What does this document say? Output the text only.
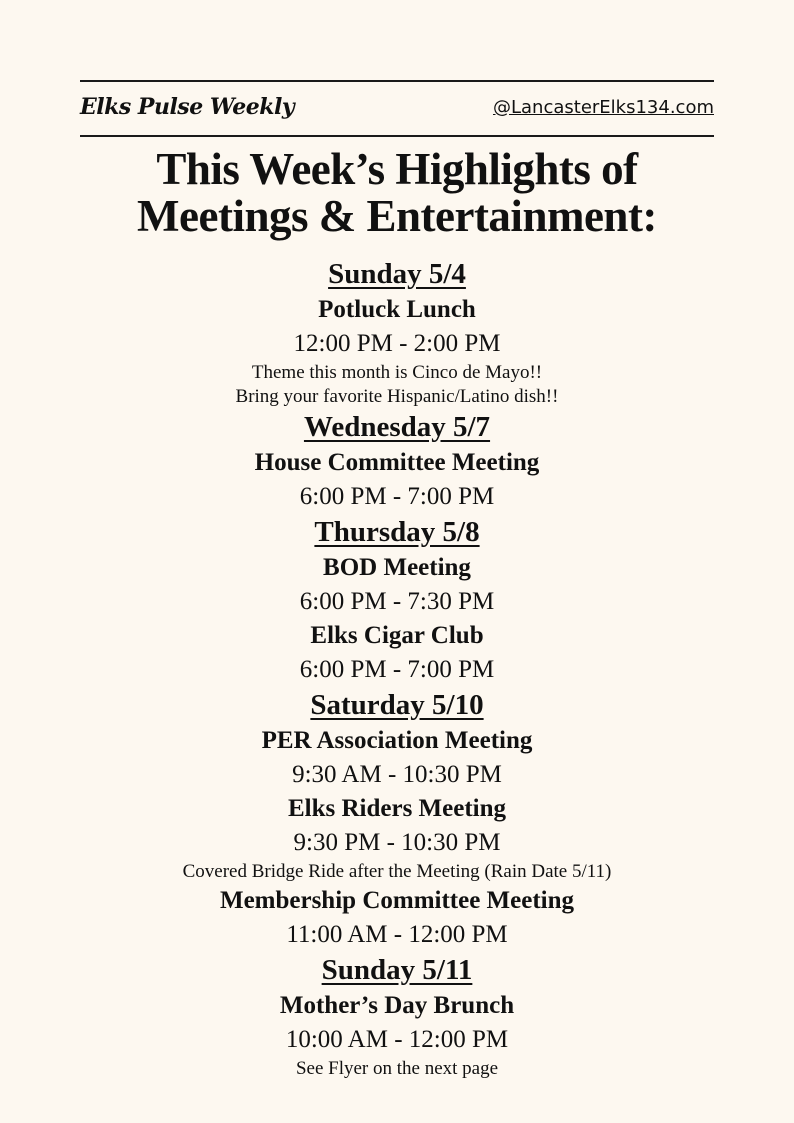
Elks Pulse Weekly	@LancasterElks134.com
This Week’s Highlights of
Meetings & Entertainment:
Sunday 5/4
Potluck Lunch
12:00 PM - 2:00 PM
Theme this month is Cinco de Mayo!!
Bring your favorite Hispanic/Latino dish!!
Wednesday 5/7
House Committee Meeting
6:00 PM - 7:00 PM
Thursday 5/8
BOD Meeting
6:00 PM - 7:30 PM
Elks Cigar Club
6:00 PM - 7:00 PM
Saturday 5/10
PER Association Meeting
9:30 AM - 10:30 PM
Elks Riders Meeting
9:30 PM - 10:30 PM
Covered Bridge Ride after the Meeting (Rain Date 5/11)
Membership Committee Meeting
11:00 AM - 12:00 PM
Sunday 5/11
Mother’s Day Brunch
10:00 AM - 12:00 PM
See Flyer on the next page
